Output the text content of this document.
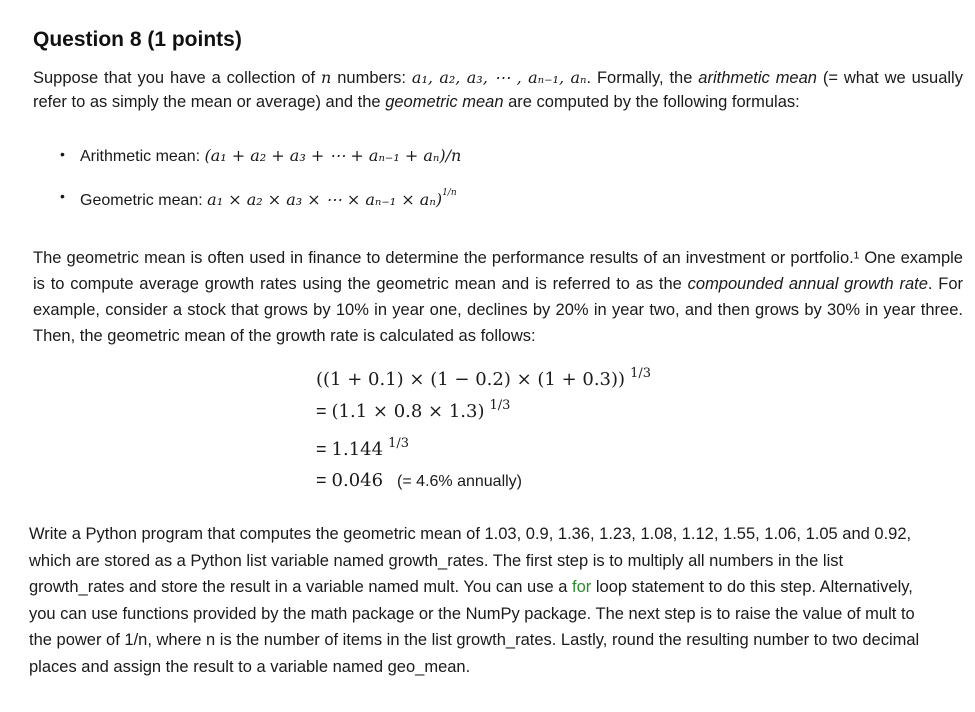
Question 8 (1 points)

Suppose that you have a collection of n numbers: a₁, a₂, a₃, ⋯ , aₙ₋₁, aₙ. Formally, the arithmetic mean (= what we usually refer to as simply the mean or average) and the geometric mean are computed by the following formulas:

• Arithmetic mean: (a₁ + a₂ + a₃ + ⋯ + aₙ₋₁ + aₙ)/n
• Geometric mean: a₁ × a₂ × a₃ × ⋯ × aₙ₋₁ × aₙ)$^{1/n}$

The geometric mean is often used in finance to determine the performance results of an investment or portfolio.¹ One example is to compute average growth rates using the geometric mean and is referred to as the compounded annual growth rate. For example, consider a stock that grows by 10% in year one, declines by 20% in year two, and then grows by 30% in year three. Then, the geometric mean of the growth rate is calculated as follows:

((1 + 0.1) × (1 − 0.2) × (1 + 0.3)) $^{1/3}$
= (1.1 × 0.8 × 1.3) $^{1/3}$
= 1.144 $^{1/3}$
= 0.046 (= 4.6% annually)

Write a Python program that computes the geometric mean of 1.03, 0.9, 1.36, 1.23, 1.08, 1.12, 1.55, 1.06, 1.05 and 0.92, which are stored as a Python list variable named growth_rates. The first step is to multiply all numbers in the list growth_rates and store the result in a variable named mult. You can use a for loop statement to do this step. Alternatively, you can use functions provided by the math package or the NumPy package. The next step is to raise the value of mult to the power of 1/n, where n is the number of items in the list growth_rates. Lastly, round the resulting number to two decimal places and assign the result to a variable named geo_mean.
